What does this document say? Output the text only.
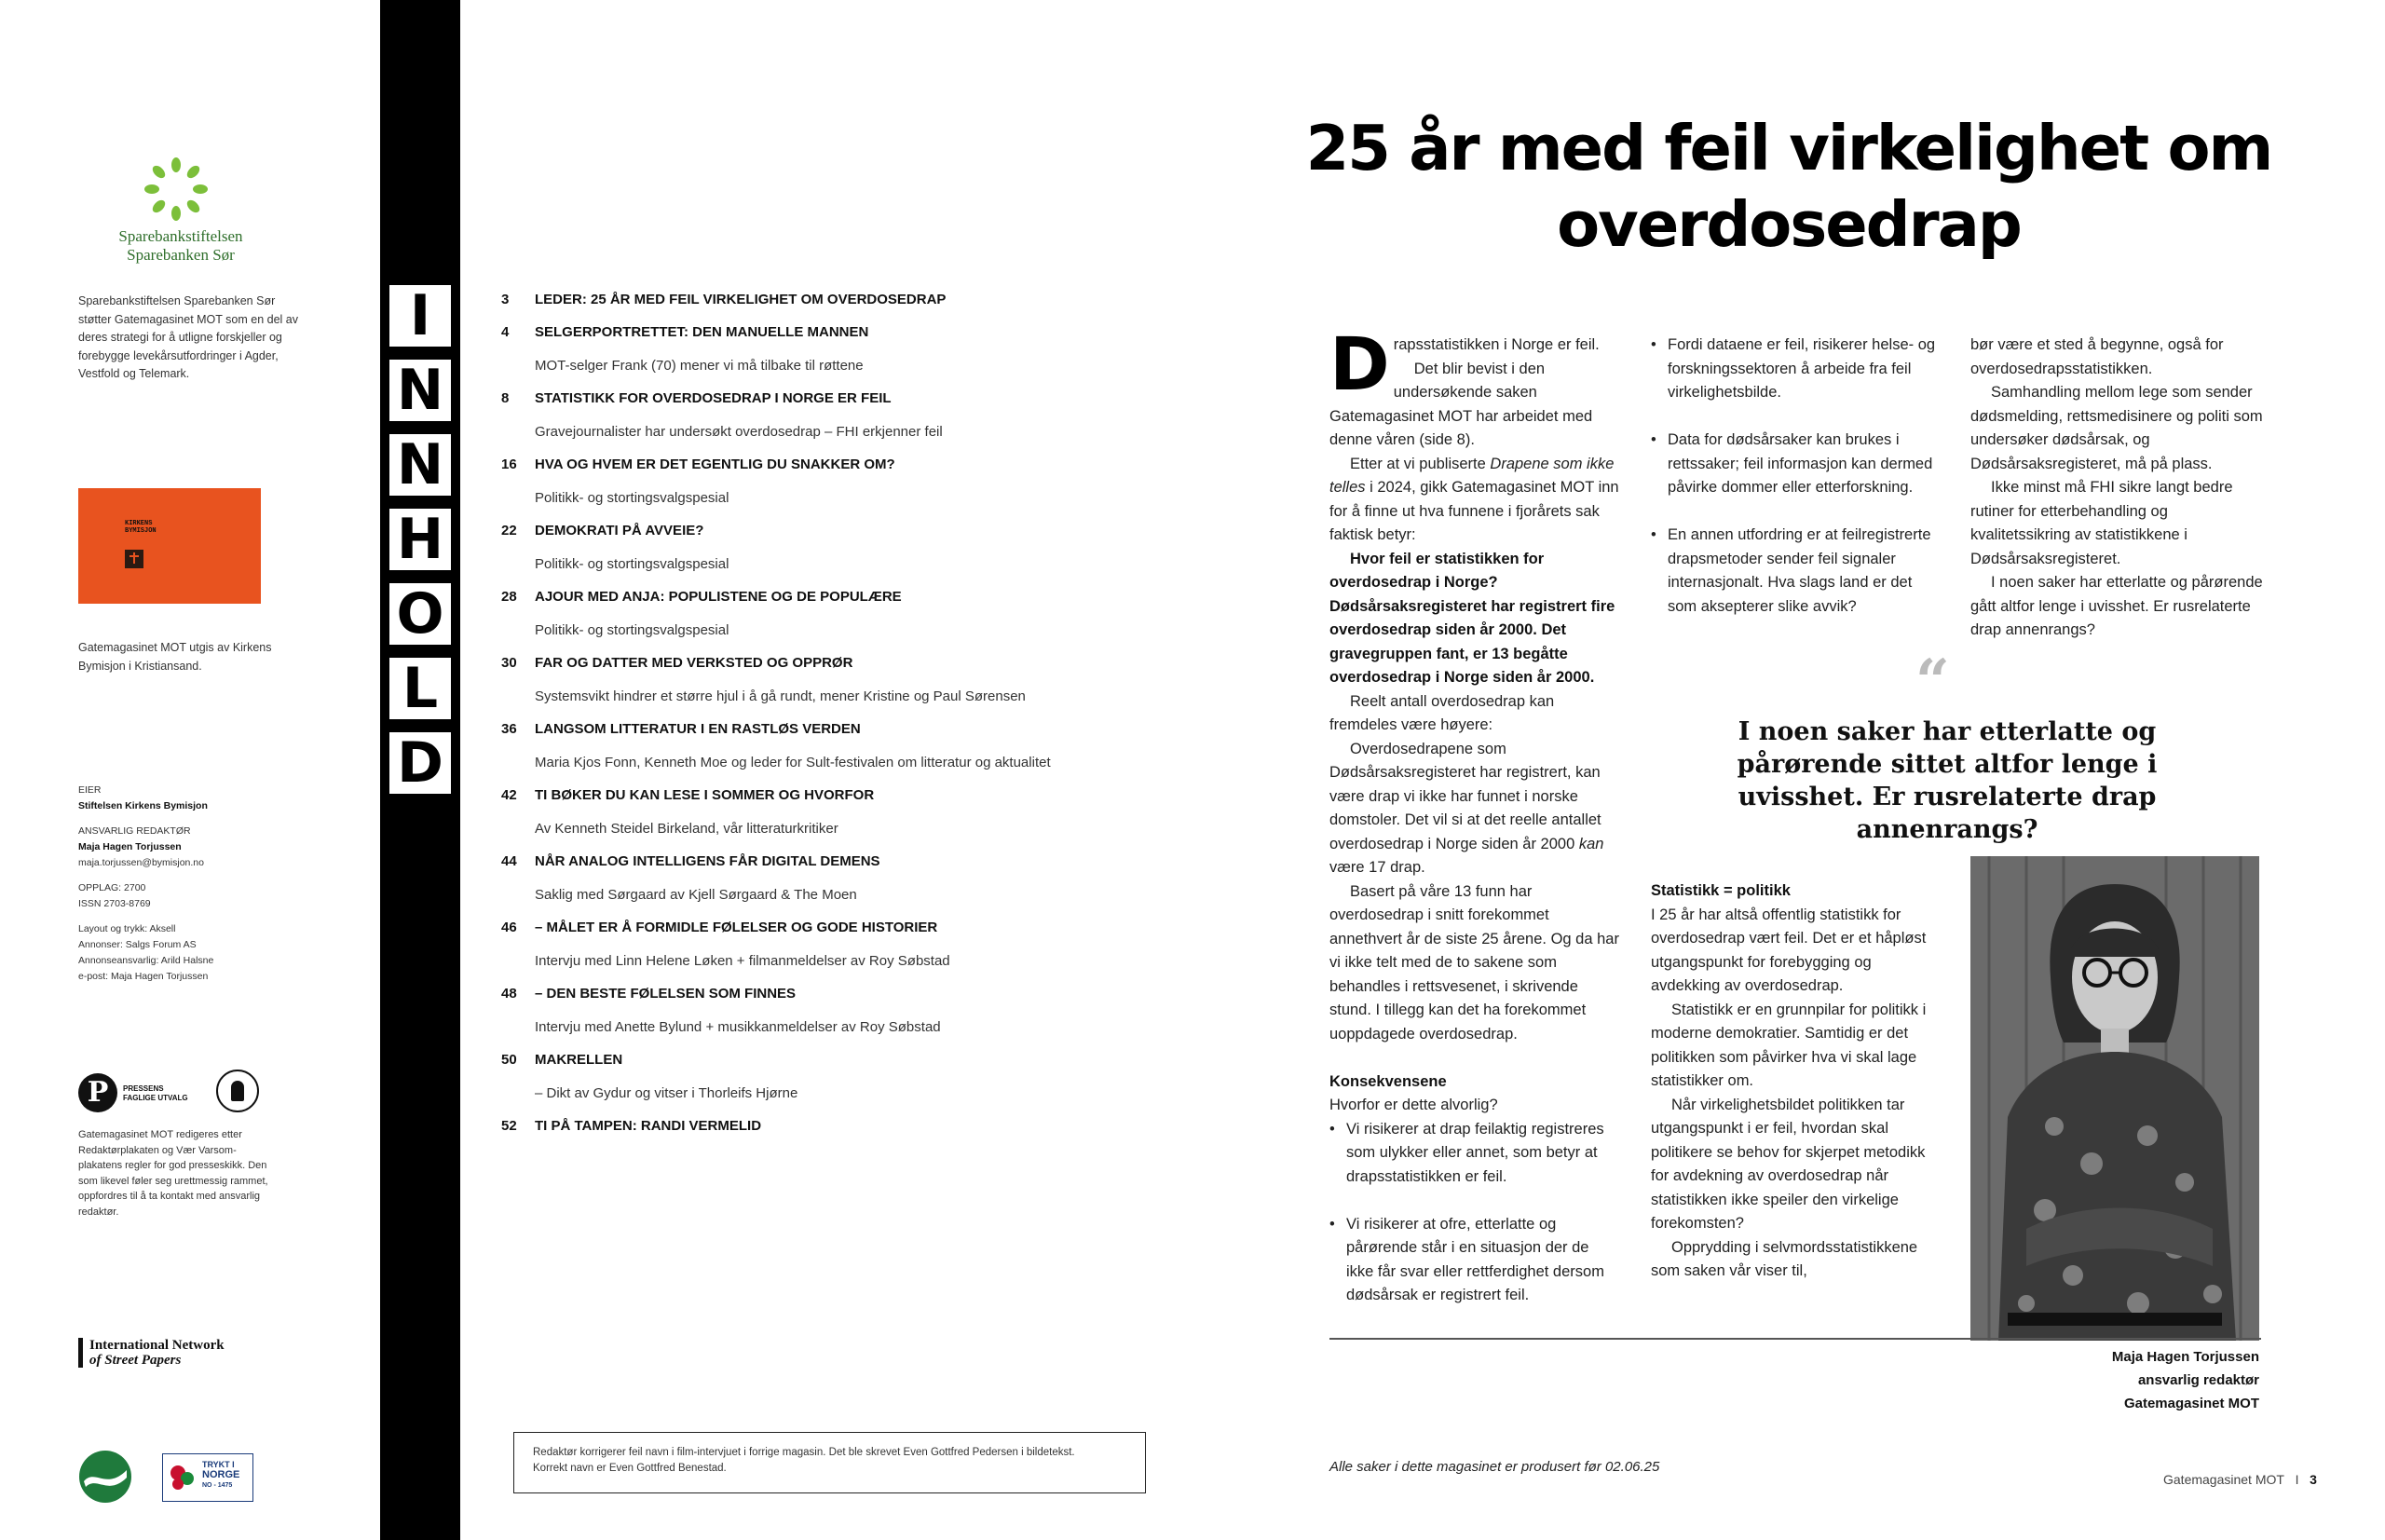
Sparebankstiftelsen
Sparebanken Sør
Sparebankstiftelsen Sparebanken Sør støtter Gatemagasinet MOT som en del av deres strategi for å utligne forskjeller og forebygge levekårsutfordringer i Agder, Vestfold og Telemark.
KIRKENS BYMISJON
Gatemagasinet MOT utgis av Kirkens Bymisjon i Kristiansand.
EIER
Stiftelsen Kirkens Bymisjon
ANSVARLIG REDAKTØR
Maja Hagen Torjussen
maja.torjussen@bymisjon.no
OPPLAG: 2700
ISSN 2703-8769
Layout og trykk: Aksell
Annonser: Salgs Forum AS
Annonseansvarlig: Arild Halsne
e-post: Maja Hagen Torjussen
P	PRESSENS
FAGLIGE UTVALG
Gatemagasinet MOT redigeres etter Redaktørplakaten og Vær Varsom-plakatens regler for god presseskikk. Den som likevel føler seg urettmessig rammet, oppfordres til å ta kontakt med ansvarlig redaktør.
International Network
of Street Papers
TRYKT I
NORGE
NO - 1475
I
N
N
H
O
L
D
3	LEDER: 25 ÅR MED FEIL VIRKELIGHET OM OVERDOSEDRAP
4	SELGERPORTRETTET: DEN MANUELLE MANNEN
MOT-selger Frank (70) mener vi må tilbake til røttene
8	STATISTIKK FOR OVERDOSEDRAP I NORGE ER FEIL
Gravejournalister har undersøkt overdosedrap – FHI erkjenner feil
16	HVA OG HVEM ER DET EGENTLIG DU SNAKKER OM?
Politikk- og stortingsvalgspesial
22	DEMOKRATI PÅ AVVEIE?
Politikk- og stortingsvalgspesial
28	AJOUR MED ANJA: POPULISTENE OG DE POPULÆRE
Politikk- og stortingsvalgspesial
30	FAR OG DATTER MED VERKSTED OG OPPRØR
Systemsvikt hindrer et større hjul i å gå rundt, mener Kristine og Paul Sørensen
36	LANGSOM LITTERATUR I EN RASTLØS VERDEN
Maria Kjos Fonn, Kenneth Moe og leder for Sult-festivalen om litteratur og aktualitet
42	TI BØKER DU KAN LESE I SOMMER OG HVORFOR
Av Kenneth Steidel Birkeland, vår litteraturkritiker
44	NÅR ANALOG INTELLIGENS FÅR DIGITAL DEMENS
Saklig med Sørgaard av Kjell Sørgaard & The Moen
46	– MÅLET ER Å FORMIDLE FØLELSER OG GODE HISTORIER
Intervju med Linn Helene Løken + filmanmeldelser av Roy Søbstad
48	– DEN BESTE FØLELSEN SOM FINNES
Intervju med Anette Bylund + musikkanmeldelser av Roy Søbstad
50	MAKRELLEN
– Dikt av Gydur og vitser i Thorleifs Hjørne
52	TI PÅ TAMPEN: RANDI VERMELID
Redaktør korrigerer feil navn i film-intervjuet i forrige magasin. Det ble skrevet Even Gottfred Pedersen i bildetekst.
Korrekt navn er Even Gottfred Benestad.
25 år med feil virkelighet om
overdosedrap

Drapsstatistikken i Norge er feil.

Det blir bevist i den undersøkende saken Gatemagasinet MOT har arbeidet med denne våren (side 8).

Etter at vi publiserte Drapene som ikke telles i 2024, gikk Gatemagasinet MOT inn for å finne ut hva funnene i fjorårets sak faktisk betyr:

Hvor feil er statistikken for overdosedrap i Norge? Dødsårsaksregisteret har registrert fire overdosedrap siden år 2000. Det gravegruppen fant, er 13 begåtte overdosedrap i Norge siden år 2000.

Reelt antall overdosedrap kan fremdeles være høyere:

Overdosedrapene som Dødsårsaksregisteret har registrert, kan være drap vi ikke har funnet i norske domstoler. Det vil si at det reelle antallet overdosedrap i Norge siden år 2000 kan være 17 drap.

Basert på våre 13 funn har overdosedrap i snitt forekommet annethvert år de siste 25 årene. Og da har vi ikke telt med de to sakene som behandles i rettsvesenet, i skrivende stund. I tillegg kan det ha forekommet uoppdagede overdosedrap.

Konsekvensene

Hvorfor er dette alvorlig?

• Vi risikerer at drap feilaktig registreres som ulykker eller annet, som betyr at drapsstatistikken er feil.
• Vi risikerer at ofre, etterlatte og pårørende står i en situasjon der de ikke får svar eller rettferdighet dersom dødsårsak er registrert feil.
• Fordi dataene er feil, risikerer helse- og forskningssektoren å arbeide fra feil virkelighetsbilde.
• Data for dødsårsaker kan brukes i rettssaker; feil informasjon kan dermed påvirke dommer eller etterforskning.
• En annen utfordring er at feilregistrerte drapsmetoder sender feil signaler internasjonalt. Hva slags land er det som aksepterer slike avvik?

bør være et sted å begynne, også for overdosedrapsstatistikken.

Samhandling mellom lege som sender dødsmelding, rettsmedisinere og politi som undersøker dødsårsak, og Dødsårsaksregisteret, må på plass.

Ikke minst må FHI sikre langt bedre rutiner for etterbehandling og kvalitetssikring av statistikkene i Dødsårsaksregisteret.

I noen saker har etterlatte og pårørende gått altfor lenge i uvisshet. Er rusrelaterte drap annenrangs?

“
I noen saker har etterlatte og pårørende sittet altfor lenge i uvisshet. Er rusrelaterte drap annenrangs?
Statistikk = politikk

I 25 år har altså offentlig statistikk for overdosedrap vært feil. Det er et håpløst utgangspunkt for forebygging og avdekking av overdosedrap.

Statistikk er en grunnpilar for politikk i moderne demokratier. Samtidig er det politikken som påvirker hva vi skal lage statistikker om.

Når virkelighetsbildet politikken tar utgangspunkt i er feil, hvordan skal politikere se behov for skjerpet metodikk for avdekning av overdosedrap når statistikken ikke speiler den virkelige forekomsten?

Opprydding i selvmordsstatistikkene som saken vår viser til,

Maja Hagen Torjussen
ansvarlig redaktør
Gatemagasinet MOT
Alle saker i dette magasinet er produsert før 02.06.25
Gatemagasinet MOT I 3
